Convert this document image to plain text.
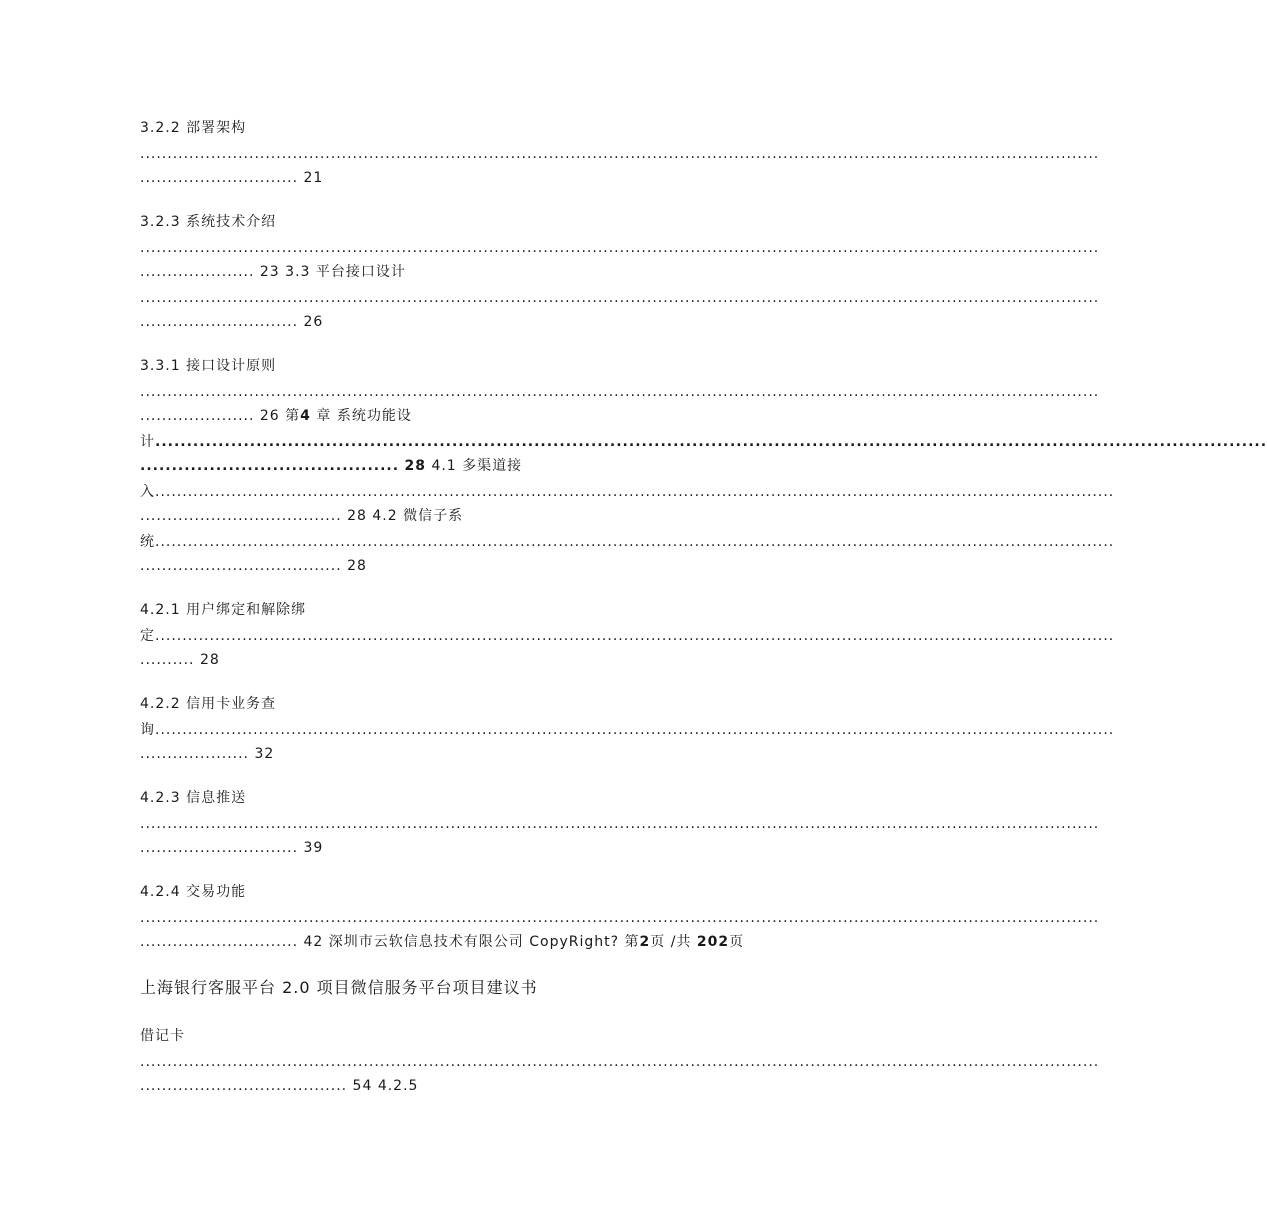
3.2.2 部署架构
................................................................................................................................................................................
............................. 21
3.2.3 系统技术介绍
................................................................................................................................................................................
..................... 23 3.3 平台接口设计
................................................................................................................................................................................
............................. 26
3.3.1 接口设计原则
................................................................................................................................................................................
..................... 26 第4 章 系统功能设
计................................................................................................................................................................................
......................................... 28 4.1 多渠道接
入................................................................................................................................................................................
..................................... 28 4.2 微信子系
统................................................................................................................................................................................
..................................... 28
4.2.1 用户绑定和解除绑
定................................................................................................................................................................................
.......... 28
4.2.2 信用卡业务查
询................................................................................................................................................................................
.................... 32
4.2.3 信息推送
................................................................................................................................................................................
............................. 39
4.2.4 交易功能
................................................................................................................................................................................
............................. 42 深圳市云软信息技术有限公司 CopyRight? 第2页 /共 202页
上海银行客服平台 2.0 项目微信服务平台项目建议书
借记卡
................................................................................................................................................................................
...................................... 54 4.2.5
